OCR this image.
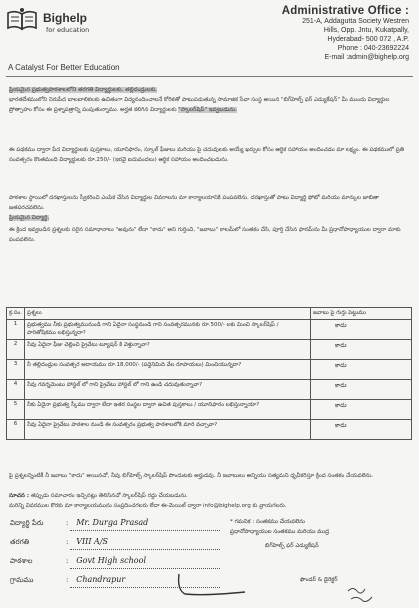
Bighelp
for education
Administrative Office :
251-A, Addagutta Society Westren
Hills, Opp. Jntu, Kukatpally,
Hyderabad- 500 072 , A.P.
Phone : 040-23692224
E-mail :admin@bighelp.org
A Catalyst For Better Education
ప్రియమైన ప్రభుత్వపాఠశాలలోని తరగతి విద్యార్థులకు, తల్లిదండ్రులకు,
భారతదేశములోని నిరుపేద బాలబాలికలకు ఉచితంగా విద్యనందించాలనే కోరికతో పాటుపడుతున్న సామాజిక సేవా సంస్థ అయిన "బిగ్‌హెల్ప్ ఫర్ ఎడ్యుకేషన్" మీ ముందు విద్యార్థుల ప్రోత్సాహం కోసం ఈ ప్రశ్నాపత్రాన్ని పంపుతున్నాము. అర్హత కలిగిన విద్యార్థులకు "స్కాలర్‌షిప్" ఇవ్వబడును.
ఈ పథకము ద్వారా పేద విద్యార్థులకు పుస్తకాలు, యూనిఫారం, స్కూల్ ఫీజులు మరియు పై చదువులకు అయ్యే ఖర్చుల కోసం ఆర్థిక సహాయం అందించడం మా లక్ష్యం. ఈ పథకములో ప్రతి సంవత్సరం కొంతమంది విద్యార్థులకు రూ.250/- (ఇరవై ఐదువందలు) ఆర్థిక సహాయం అందించబడును.
పాఠశాల స్థాయిలో దరఖాస్తులను స్వీకరించి ఎంపిక చేసిన విద్యార్థుల వివరాలను మా కార్యాలయానికి పంపవలెను. దరఖాస్తుతో పాటు విద్యార్థి ఫోటో మరియు మార్కుల జాబితా జతపరచవలెను.
ప్రియమైన విద్యార్థి,
ఈ క్రింద ఇవ్వబడిన ప్రశ్నలకు సరైన సమాధానాలు "అవును" లేదా "కాదు" అని గుర్తించి, "జవాబు" కాలమ్‌లో సంతకం చేసి, పూర్తి చేసిన ఫారమ్‌ను మీ ప్రధానోపాధ్యాయుల ద్వారా మాకు పంపవలెను.
క్ర.సం.	ప్రశ్నలు	జవాబు పై గుర్తు పెట్టుము
1	ప్రభుత్వము నీకు ప్రభుత్వమునుండి గాని ఏదైనా సంస్థనుండి గాని సంవత్సరమునకు రూ.500/- లకు మించి స్కాలర్‌షిప్ / పారితోషికము లభిస్తున్నదా?	కాదు

2	నీవు ఏదైనా ఫీజు చెల్లించి ప్రైవేటు ట్యూషన్ కి వెళ్తున్నావా?	కాదు

3	నీ తల్లిదండ్రుల సంవత్సర ఆదాయము రూ.18,000/- (పద్దెనిమిది వేల రూపాయలు) మించియున్నదా?	కాదు

4	నీవు గవర్నమెంటు హాస్టల్ లో గాని ప్రైవేటు హాస్టల్ లో గాని ఉండి చదువుతున్నావా?	కాదు

5	నీకు ఏదైనా ప్రభుత్వ స్కీము ద్వారా లేదా ఇతర సంస్థల ద్వారా ఉచిత పుస్తకాలు / యూనిఫారం లభిస్తున్నాయా?	కాదు

6	నీవు ఏదైనా ప్రైవేటు పాఠశాల నుండి ఈ సంవత్సరం ప్రభుత్వ పాఠశాలలోకి మారి వచ్చావా?	కాదు
పై ప్రశ్నలన్నింటికీ నీ జవాబు "కాదు" అయినచో, నీవు బిగ్‌హెల్ప్ స్కాలర్‌షిప్ పొందుటకు అర్హుడవు. నీ జవాబులు అన్నియు సత్యమని ధృవీకరిస్తూ క్రింద సంతకం చేయవలెను.
సూచన : తప్పుడు సమాచారం ఇచ్చినట్లు తెలిసినచో స్కాలర్‌షిప్ రద్దు చేయబడును.
మరిన్ని వివరముల కొరకు మా కార్యాలయమును సంప్రదించగలరు లేదా ఈ-మెయిల్ ద్వారా info@bighelp.org కు వ్రాయగలరు.
విద్యార్థి పేరు	: Mr. Durga Prasad
తరగతి	: VIII A/S
పాఠశాల	: Govt High school
గ్రామము	: Chandrapur
* గమనిక : సంతకము చేయవలెను
ప్రధానోపాధ్యాయుల సంతకము మరియు ముద్ర
బిగ్‌హెల్ప్ ఫర్ ఎడ్యుకేషన్
ఫౌండర్ & డైరెక్టర్
